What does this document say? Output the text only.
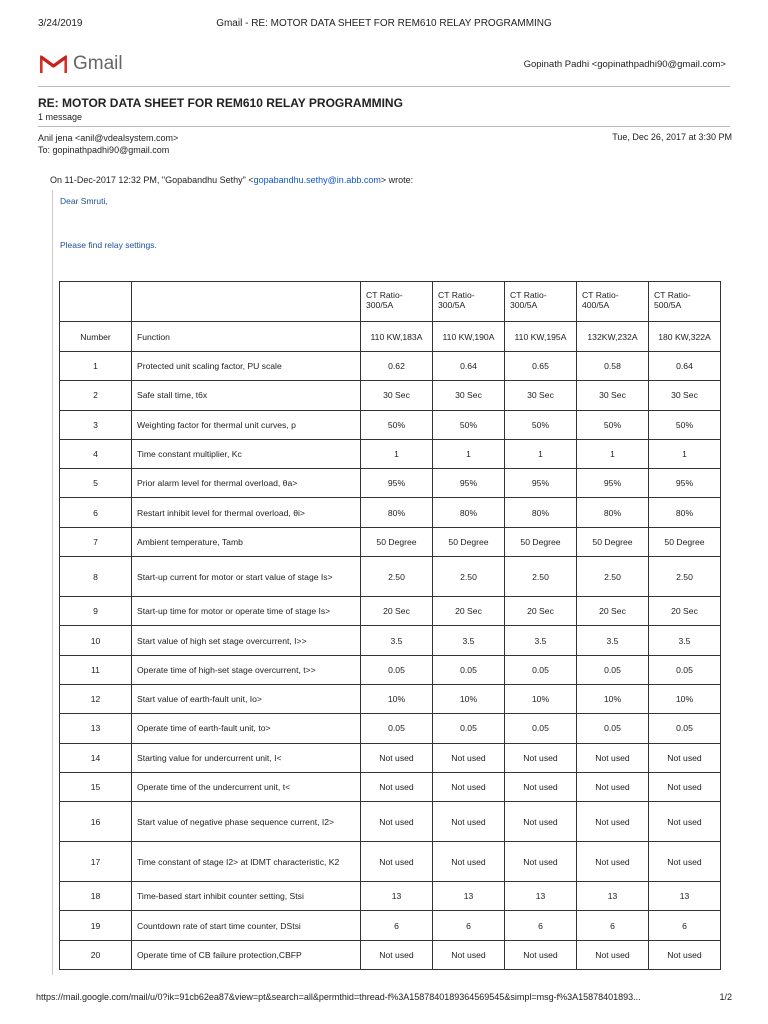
3/24/2019	Gmail - RE: MOTOR DATA SHEET FOR REM610 RELAY PROGRAMMING
Gmail	Gopinath Padhi <gopinathpadhi90@gmail.com>
RE: MOTOR DATA SHEET FOR REM610 RELAY PROGRAMMING
1 message
Anil jena <anil@vdealsystem.com>
To: gopinathpadhi90@gmail.com
Tue, Dec 26, 2017 at 3:30 PM
On 11-Dec-2017 12:32 PM, "Gopabandhu Sethy" <gopabandhu.sethy@in.abb.com> wrote:
Dear Smruti,
Please find relay settings.
		CT Ratio-300/5A	CT Ratio-300/5A	CT Ratio-300/5A	CT Ratio-400/5A	CT Ratio-500/5A
Number	Function	110 KW,183A	110 KW,190A	110 KW,195A	132KW,232A	180 KW,322A
1	Protected unit scaling factor, PU scale	0.62	0.64	0.65	0.58	0.64
2	Safe stall time, t6x	30 Sec	30 Sec	30 Sec	30 Sec	30 Sec
3	Weighting factor for thermal unit curves, p	50%	50%	50%	50%	50%
4	Time constant multiplier, Kc	1	1	1	1	1
5	Prior alarm level for thermal overload, θa>	95%	95%	95%	95%	95%
6	Restart inhibit level for thermal overload, θi>	80%	80%	80%	80%	80%
7	Ambient temperature, Tamb	50 Degree	50 Degree	50 Degree	50 Degree	50 Degree
8	Start-up current for motor or start value of stage Is>	2.50	2.50	2.50	2.50	2.50
9	Start-up time for motor or operate time of stage Is>	20 Sec	20 Sec	20 Sec	20 Sec	20 Sec
10	Start value of high set stage overcurrent, I>>	3.5	3.5	3.5	3.5	3.5
11	Operate time of high-set stage overcurrent, t>>	0.05	0.05	0.05	0.05	0.05
12	Start value of earth-fault unit, Io>	10%	10%	10%	10%	10%
13	Operate time of earth-fault unit, to>	0.05	0.05	0.05	0.05	0.05
14	Starting value for undercurrent unit, I<	Not used	Not used	Not used	Not used	Not used
15	Operate time of the undercurrent unit, t<	Not used	Not used	Not used	Not used	Not used
16	Start value of negative phase sequence current, I2>	Not used	Not used	Not used	Not used	Not used
17	Time constant of stage I2> at IDMT characteristic, K2	Not used	Not used	Not used	Not used	Not used
18	Time-based start inhibit counter setting, Stsi	13	13	13	13	13
19	Countdown rate of start time counter, DStsi	6	6	6	6	6
20	Operate time of CB failure protection,CBFP	Not used	Not used	Not used	Not used	Not used
https://mail.google.com/mail/u/0?ik=91cb62ea87&view=pt&search=all&permthid=thread-f%3A1587840189364569545&simpl=msg-f%3A15878401893...	1/2
